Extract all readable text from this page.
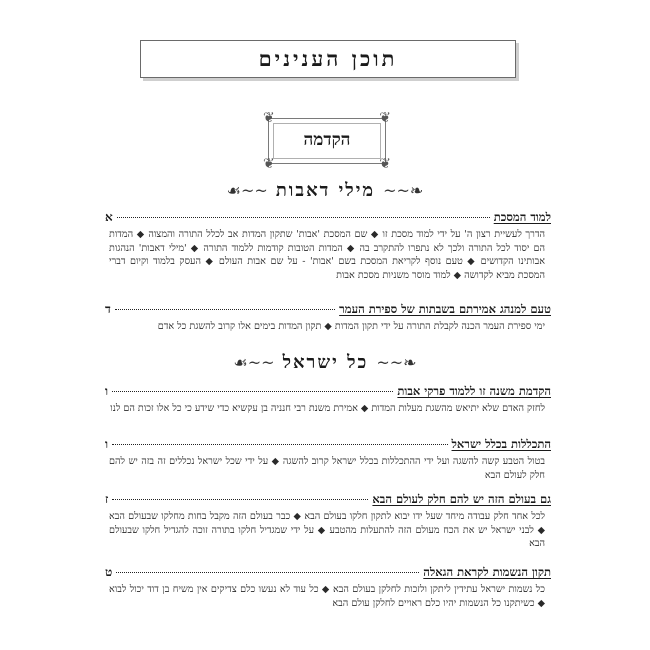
תוכן הענינים
❦	❦
❦	❦
הקדמה
❧~~
מילי דאבות
~~☙
למוד המסכת
א
הדרך לעשיית רצון ה' על ידי למוד מסכת זו ◆ שם המסכת 'אבות' שתקון המדות אב לכלל התורה והמצוה ◆ המדות הם יסוד לכל התורה ולכך לא נתפרו להתקרב בה ◆ המדות הטובות קודמות ללמוד התורה ◆ 'מילי דאבות' הנהגות אבותינו הקדושים ◆ טעם נוסף לקריאת המסכת בשם 'אבות' - על שם אבות העולם ◆ העסק בלמוד וקיום דברי המסכת מביא לקדושה ◆ למוד מוסר משניות מסכת אבות
טעם למנהג אמירתם בשבתות של ספירת העמר
ד
ימי ספירת העמר הכנה לקבלת התורה על ידי תקון המדות ◆ תקון המדות בימים אלו קרוב להשגת כל אדם
❧~~
כל ישראל
~~☙
הקדמת משנה זו ללמוד פרקי אבות
ו
לחזק האדם שלא יתיאש מהשגת מעלות המדות ◆ אמירת משנת רבי חנניה בן עקשיא כדי שידע כי כל אלו זכות הם לנו
התכללות בכלל ישראל
ו
בטול הטבע קשה להשגה ועל ידי ההתכללות בכלל ישראל קרוב להשגה ◆ על ידי שכל ישראל נכללים זה בזה יש להם חלק לעולם הבא
גם בעולם הזה יש להם חלק לעולם הבא
ז
לכל אחד חלק עבודה מיחד שעל ידו יבוא לתקון חלקו בעולם הבא ◆ כבר בעולם הזה מקבל בחות מחלקו שבעולם הבא ◆ לבני ישראל יש את הכח מעולם הזה להתעלות מהטבע ◆ על ידי שמגדיל חלקו בתורה זוכה להגדיל חלקו שבעולם הבא
תקון הנשמות לקראת הגאלה
ט
כל נשמות ישראל עתידין ליתקן ולזכות לחלקן בעולם הבא ◆ כל עוד לא נעשו כלם צדיקים אין משיח בן דוד יכול לבוא ◆ כשיתקנו כל הנשמות יהיו כלם ראויים לחלקן עולם הבא
